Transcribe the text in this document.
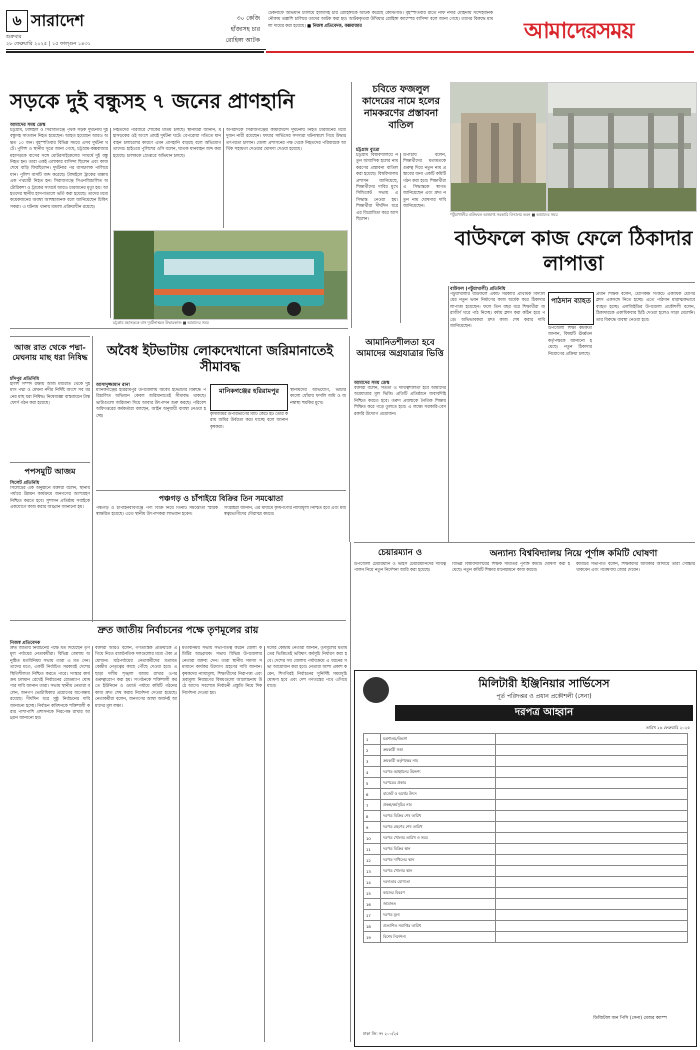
৬ সারাদেশ
শুক্রবার
২৮ ফেব্রুয়ারি ২০২৫ | ১৫ ফাল্গুন ১৪৩১
৩০ কেজি
হাঁজাসহ চার
রোহিঙ্গা আটক
টেকনাফে অভিযান চালিয়ে হাঁজাসহ চার রোহিঙ্গাকে আটক করেছে কোস্টগার্ড। বৃহস্পতিবার রাতে নাফ নদীর মোহনায় সন্দেহজনক নৌকায় তল্লাশি চালিয়ে তাদের আটক করা হয়। আটককৃতরা উখিয়ার রোহিঙ্গা ক্যাম্পের বাসিন্দা বলে জানা গেছে। তাদের বিরুদ্ধে মামলা দায়ের করা হয়েছে। ■ নিজস্ব প্রতিবেদক, কক্সবাজার	আমাদেরসময়
সড়কে দুই বন্ধুসহ ৭ জনের প্রাণহানি
আমাদের সময় ডেস্ক
চট্টগ্রাম, টাঙ্গাইল ও সিরাজগঞ্জে পৃথক সড়ক দুর্ঘটনায় দুই বন্ধুসহ সাতজন নিহত হয়েছেন। আহত হয়েছেন আরও অন্তত ১০ জন। বৃহস্পতিবার বিভিন্ন সময়ে এসব দুর্ঘটনা ঘটে। পুলিশ ও স্থানীয় সূত্রে জানা গেছে, চট্টগ্রাম-কক্সবাজার মহাসড়কে বাসের সঙ্গে মোটরসাইকেলের সংঘর্ষে দুই বন্ধু নিহত হন। তারা একই এলাকার বাসিন্দা ছিলেন এবং কাজ শেষে বাড়ি ফিরছিলেন। দুর্ঘটনার পর বাসচালক পালিয়ে যান। পুলিশ বাসটি জব্দ করেছে। টাঙ্গাইলে ট্রাকের ধাক্কায় এক পথচারী নিহত হন। সিরাজগঞ্জে সিএনজিচালিত অটোরিকশা ও ট্রাকের সংঘর্ষে আরও চারজনের মৃত্যু হয়। আহতদের স্থানীয় হাসপাতালে ভর্তি করা হয়েছে। তাদের মধ্যে কয়েকজনের অবস্থা আশঙ্কাজনক বলে জানিয়েছেন চিকিৎসকরা। এ ঘটনায় থানায় মামলা প্রক্রিয়াধীন রয়েছে।
নিহতদের পরিবারে শোকের মাতম চলছে। স্থানীয়রা জানান, মহাসড়কের ওই অংশে প্রায়ই দুর্ঘটনা ঘটে। বেপরোয়া গতিতে যানবাহন চলাচলের কারণে এমন প্রাণহানি বাড়ছে বলে অভিযোগ তাদের। হাইওয়ে পুলিশের ওসি বলেন, ঘাতক যানবাহন জব্দ করা হয়েছে। চালককে গ্রেপ্তারে অভিযান চলছে।
অপরদিকে সিরাজগঞ্জের কামারখন্দে দুর্ঘটনায় নিহত চারজনের মধ্যে দুজন নারী রয়েছেন। ফায়ার সার্ভিসের সদস্যরা ঘটনাস্থলে গিয়ে উদ্ধার তৎপরতা চালান। জেলা প্রশাসনের পক্ষ থেকে নিহতদের পরিবারকে আর্থিক সহায়তা দেওয়ার ঘোষণা দেওয়া হয়েছে।
চট্টগ্রাম মহাসড়কে বাস দুর্ঘটনাস্থলে উদ্ধারকাজ ■ আমাদের সময়
চবিতে ফজলুল কাদেরের নামে হলের নামকরণের প্রস্তাবনা বাতিল
চট্টগ্রাম ব্যুরো
চট্টগ্রাম বিশ্ববিদ্যালয়ে নতুন আবাসিক হলের নামকরণের প্রস্তাবনা বাতিল করা হয়েছে। বিশ্ববিদ্যালয় প্রশাসন জানিয়েছে, শিক্ষার্থীদের দাবির মুখে সিন্ডিকেট সভায় এ সিদ্ধান্ত নেওয়া হয়। শিক্ষার্থীরা দীর্ঘদিন ধরে এর বিরোধিতা করে আসছিলেন।
উপাচার্য বলেন, শিক্ষার্থীদের মতামতকে গুরুত্ব দিয়ে নতুন নাম প্রস্তাবের জন্য একটি কমিটি গঠন করা হবে। শিক্ষার্থীরা এ সিদ্ধান্তকে স্বাগত জানিয়েছেন এবং দ্রুত নতুন নাম ঘোষণার দাবি জানিয়েছেন।
পটুয়াখালীর বাউফলে অসমাপ্ত সরকারি বিদ্যালয় ভবন ■ আমাদের সময়
বাউফলে কাজ ফেলে ঠিকাদার লাপাত্তা
বাউফল (পটুয়াখালী) প্রতিনিধি
পটুয়াখালীর বাউফলে একটি সরকারি প্রাথমিক বিদ্যালয়ের নতুন ভবন নির্মাণের কাজ অর্ধেক করে ঠিকাদার লাপাত্তা হয়েছেন। ফলে তিন বছর ধরে শিক্ষার্থীরা জরাজীর্ণ ঘরে পাঠ নিচ্ছে। বর্ষায় ক্লাস করা কঠিন হয়ে পড়ে। অভিভাবকরা দ্রুত কাজ শেষ করার দাবি জানিয়েছেন।
পাঠদান ব্যাহত
উপজেলা শিক্ষা কর্মকর্তা জানান, বিষয়টি ঊর্ধ্বতন কর্তৃপক্ষকে জানানো হয়েছে। নতুন ঠিকাদার নিয়োগের প্রক্রিয়া চলছে।
প্রধান শিক্ষক বলেন, শ্রেণিকক্ষ সংকটে একাধিক শ্রেণির ক্লাস একসঙ্গে নিতে হচ্ছে। এতে পাঠদান মারাত্মকভাবে ব্যাহত হচ্ছে। এলজিইডির উপজেলা প্রকৌশলী বলেন, ঠিকাদারকে একাধিকবার চিঠি দেওয়া হলেও সাড়া মেলেনি। তার বিরুদ্ধে ব্যবস্থা নেওয়া হবে।
আজ রাত থেকে পদ্মা-মেঘনায় মাছ ধরা নিষিদ্ধ
চাঁদপুর প্রতিনিধি
ইলিশ সম্পদ রক্ষায় আজ মধ্যরাত থেকে দুই মাস পদ্মা ও মেঘনা নদীর নির্দিষ্ট অংশে সব ধরনের মাছ ধরা নিষিদ্ধ। নিষেধাজ্ঞা বাস্তবায়নে টাস্কফোর্স গঠন করা হয়েছে।
পপসমুটি আজম
সিলেট প্রতিনিধি
সিলেটের এক অনুষ্ঠানে বক্তারা বলেন, স্থানীয় পর্যায়ে উন্নয়ন কার্যক্রমে জনগণের অংশগ্রহণ নিশ্চিত করতে হবে। সুশাসন প্রতিষ্ঠায় সবাইকে একযোগে কাজ করার আহ্বান জানানো হয়।
অবৈধ ইটভাটায় লোকদেখানো জরিমানাতেই সীমাবদ্ধ
মানিকগঞ্জের হরিরামপুর
আসাদুজ্জামান রানা
মানিকগঞ্জের হরিরামপুর উপজেলায় অবৈধ ইটভাটার বিরুদ্ধে পরিচালিত অভিযান কেবল জরিমানাতেই সীমাবদ্ধ থাকছে। ভাটাগুলো জরিমানা দিয়ে আবার উৎপাদন শুরু করছে। পরিবেশ অধিদপ্তরের কর্মকর্তারা বলছেন, আইন অনুযায়ী ব্যবস্থা নেওয়া হচ্ছে।
স্থানীয়দের অভিযোগ, ভাটার কালো ধোঁয়ায় ফসলি জমি ও জনস্বাস্থ্য হুমকির মুখে।
কৃষিজমির উপরিভাগের মাটি কেটে ইট তৈরি করায় জমির উর্বরতা কমে যাচ্ছে বলে জানান কৃষকরা।
পঞ্চগড় ও চাঁপাইয়ে বিক্রির তিন সমঝোতা
পঞ্চগড় ও চাঁপাইনবাবগঞ্জে পণ্য বিক্রি নিয়ে তিনটি সমঝোতা স্মারক স্বাক্ষরিত হয়েছে। এতে স্থানীয় উৎপাদকরা লাভবান হবেন।
সংশ্লিষ্টরা জানান, এর মাধ্যমে কৃষিপণ্যের ন্যায্যমূল্য নিশ্চিত হবে এবং মধ্যস্বত্বভোগীদের দৌরাত্ম্য কমবে।
আমানিতশীলতা হবে আমাদের অগ্রযাত্রার ভিত্তি
আমাদের সময় ডেস্ক
বক্তারা বলেন, সততা ও দায়িত্বশীলতা হবে আমাদের অগ্রযাত্রার মূল ভিত্তি। প্রতিটি প্রতিষ্ঠানে জবাবদিহি নিশ্চিত করতে হবে। তরুণ প্রজন্মকে নৈতিক শিক্ষায় শিক্ষিত করে গড়ে তুলতে হবে। এ লক্ষ্যে সরকারি-বেসরকারি উদ্যোগ প্রয়োজন।
চেয়ারম্যান ও	অন্যান্য বিশ্ববিদ্যালয় নিয়ে পূর্ণাঙ্গ কমিটি ঘোষণা
উপজেলা চেয়ারম্যান ও ভাইস চেয়ারম্যানদের দায়িত্ব পালন নিয়ে নতুন নির্দেশনা জারি করা হয়েছে।
বিভিন্ন বিশ্ববিদ্যালয়ের শিক্ষক সমিতির পূর্ণাঙ্গ কমিটি ঘোষণা করা হয়েছে। নতুন কমিটি শিক্ষার মানোন্নয়নে কাজ করবে।
কমিটির সভাপতি বলেন, শিক্ষকদের অধিকার আদায়ে তারা সোচ্চার থাকবেন এবং গবেষণায় জোর দেবেন।
দ্রুত জাতীয় নির্বাচনের পক্ষে তৃণমূলের রায়
নিজস্ব প্রতিবেদক
দ্রুত জাতীয় নির্বাচনের পক্ষে মত দিয়েছেন তৃণমূল পর্যায়ের নেতাকর্মীরা। বিভিন্ন জেলায় অনুষ্ঠিত মতবিনিময় সভায় তারা এ মত দেন। তাদের মতে, একটি নির্বাচিত সরকারই দেশের স্থিতিশীলতা নিশ্চিত করতে পারে। সংস্কার কার্যক্রম চলমান রেখেই নির্বাচনের রোডম্যাপ ঘোষণার দাবি জানান তারা। সভায় স্থানীয় নেতারা বলেন, জনগণ ভোটাধিকার প্রয়োগের অপেক্ষায় রয়েছে। দীর্ঘদিন ধরে সুষ্ঠু নির্বাচনের দাবি জানানো হচ্ছে। নির্বাচন কমিশনকে শক্তিশালী করার পাশাপাশি প্রশাসনকে নিরপেক্ষ রাখার আহ্বান জানানো হয়।
বক্তারা আরও বলেন, গণতান্ত্রিক প্রক্রিয়াকে এগিয়ে নিতে রাজনৈতিক দলগুলোর মধ্যে ঐক্য প্রয়োজন। মাঠপর্যায়ের নেতাকর্মীদের মতামত কেন্দ্রীয় নেতৃত্বের কাছে পৌঁছে দেওয়া হবে। এ ছাড়া দলীয় শৃঙ্খলা বজায় রাখার ওপর গুরুত্বারোপ করা হয়। সংগঠনকে শক্তিশালী করতে ইউনিয়ন ও ওয়ার্ড পর্যায়ে কমিটি গঠনের কাজ দ্রুত শেষ করার নির্দেশনা দেওয়া হয়েছে। নেতাকর্মীরা বলেন, জনগণের আস্থা অর্জনই আমাদের মূল লক্ষ্য।
মতবিনিময় সভায় সভাপতিত্ব করেন জেলা কমিটির আহ্বায়ক। সভায় বিভিন্ন উপজেলার নেতারা বক্তব্য দেন। তারা স্থানীয় সমস্যা সমাধানে কার্যকর উদ্যোগ গ্রহণের দাবি জানান। কৃষকদের ন্যায্যমূল্য, শিক্ষার্থীদের নিরাপত্তা এবং দ্রব্যমূল্য নিয়ন্ত্রণের বিষয়গুলো আলোচনায় উঠে আসে। সবশেষে নির্বাচনী প্রস্তুতি নিয়ে দিকনির্দেশনা দেওয়া হয়।
দলের কেন্দ্রীয় নেতারা জানান, তৃণমূলের মতামতের ভিত্তিতেই ভবিষ্যৎ কর্মসূচি নির্ধারণ করা হবে। দেশের সব জেলায় পর্যায়ক্রমে এ ধরনের সভা আয়োজন করা হবে। নেতারা আশা প্রকাশ করেন, শিগগিরই নির্বাচনের সুনির্দিষ্ট সময়সূচি ঘোষণা হবে এবং দেশ গণতন্ত্রের পথে এগিয়ে যাবে।	মিলিটারী ইঞ্জিনিয়ার সার্ভিসেস
পূর্ত পরিদপ্তর ও প্রধান প্রকৌশলী (সেনা)
দরপত্র আহ্বান
তারিখ ২৬ ফেব্রুয়ারি ২০২৫
1	মন্ত্রণালয়/বিভাগ	
2	ক্রয়কারী সত্তা	
3	ক্রয়কারী কর্তৃপক্ষের নাম	
4	দরপত্র আহ্বানের উদ্দেশ্য	
5	দরপত্রের প্রকার	
6	বাজেট ও অর্থের উৎস	
7	প্রকল্প/কর্মসূচির নাম	
8	দরপত্র বিক্রির শেষ তারিখ	
9	দরপত্র গ্রহণের শেষ তারিখ	
10	দরপত্র খোলার তারিখ ও সময়	
11	দরপত্র বিক্রির স্থান	
12	দরপত্র দাখিলের স্থান	
13	দরপত্র খোলার স্থান	
14	দরদাতার যোগ্যতা	
15	কাজের বিবরণ	
16	জামানত	
17	দরপত্র মূল্য	
18	প্রত্যাশিত সমাপ্তির তারিখ	
19	বিশেষ নির্দেশনা	
ডিজিটাল জন পিসি (সেনা) মেজর ক্যাম্প
ঢাকা জি: নং ২০০/২৫
